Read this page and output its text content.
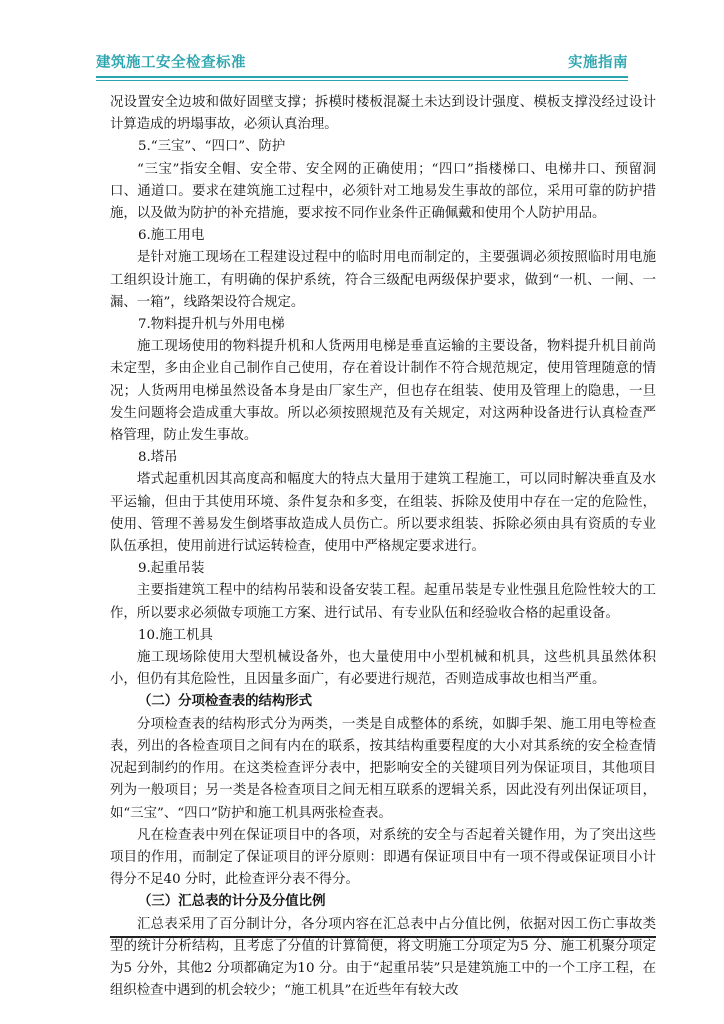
建筑施工安全检查标准	实施指南

况设置安全边坡和做好固壁支撑；拆模时楼板混凝土未达到设计强度、模板支撑没经过设计计算造成的坍塌事故，必须认真治理。

5.“三宝”、“四口”、防护

“三宝”指安全帽、安全带、安全网的正确使用；“四口”指楼梯口、电梯井口、预留洞口、通道口。要求在建筑施工过程中，必须针对工地易发生事故的部位，采用可靠的防护措施，以及做为防护的补充措施，要求按不同作业条件正确佩戴和使用个人防护用品。

6.施工用电

是针对施工现场在工程建设过程中的临时用电而制定的，主要强调必须按照临时用电施工组织设计施工，有明确的保护系统，符合三级配电两级保护要求，做到“一机、一闸、一漏、一箱”，线路架设符合规定。

7.物料提升机与外用电梯

施工现场使用的物料提升机和人货两用电梯是垂直运输的主要设备，物料提升机目前尚未定型，多由企业自己制作自己使用，存在着设计制作不符合规范规定，使用管理随意的情况；人货两用电梯虽然设备本身是由厂家生产，但也存在组装、使用及管理上的隐患，一旦发生问题将会造成重大事故。所以必须按照规范及有关规定，对这两种设备进行认真检查严格管理，防止发生事故。

8.塔吊

塔式起重机因其高度高和幅度大的特点大量用于建筑工程施工，可以同时解决垂直及水平运输，但由于其使用环境、条件复杂和多变，在组装、拆除及使用中存在一定的危险性，使用、管理不善易发生倒塔事故造成人员伤亡。所以要求组装、拆除必须由具有资质的专业队伍承担，使用前进行试运转检查，使用中严格规定要求进行。

9.起重吊装

主要指建筑工程中的结构吊装和设备安装工程。起重吊装是专业性强且危险性较大的工作，所以要求必须做专项施工方案、进行试吊、有专业队伍和经验收合格的起重设备。

10.施工机具

施工现场除使用大型机械设备外，也大量使用中小型机械和机具，这些机具虽然体积小，但仍有其危险性，且因量多面广，有必要进行规范，否则造成事故也相当严重。

（二）分项检查表的结构形式

分项检查表的结构形式分为两类，一类是自成整体的系统，如脚手架、施工用电等检查表，列出的各检查项目之间有内在的联系，按其结构重要程度的大小对其系统的安全检查情况起到制约的作用。在这类检查评分表中，把影响安全的关键项目列为保证项目，其他项目列为一般项目；另一类是各检查项目之间无相互联系的逻辑关系，因此没有列出保证项目，如“三宝”、“四口”防护和施工机具两张检查表。

凡在检查表中列在保证项目中的各项，对系统的安全与否起着关键作用，为了突出这些项目的作用，而制定了保证项目的评分原则：即遇有保证项目中有一项不得或保证项目小计得分不足40 分时，此检查评分表不得分。

（三）汇总表的计分及分值比例

汇总表采用了百分制计分，各分项内容在汇总表中占分值比例，依据对因工伤亡事故类型的统计分析结构，且考虑了分值的计算简便，将文明施工分项定为5 分、施工机聚分项定为5 分外，其他2 分项都确定为10 分。由于“起重吊装”只是建筑施工中的一个工序工程，在组织检查中遇到的机会较少；“施工机具”在近些年有较大改
